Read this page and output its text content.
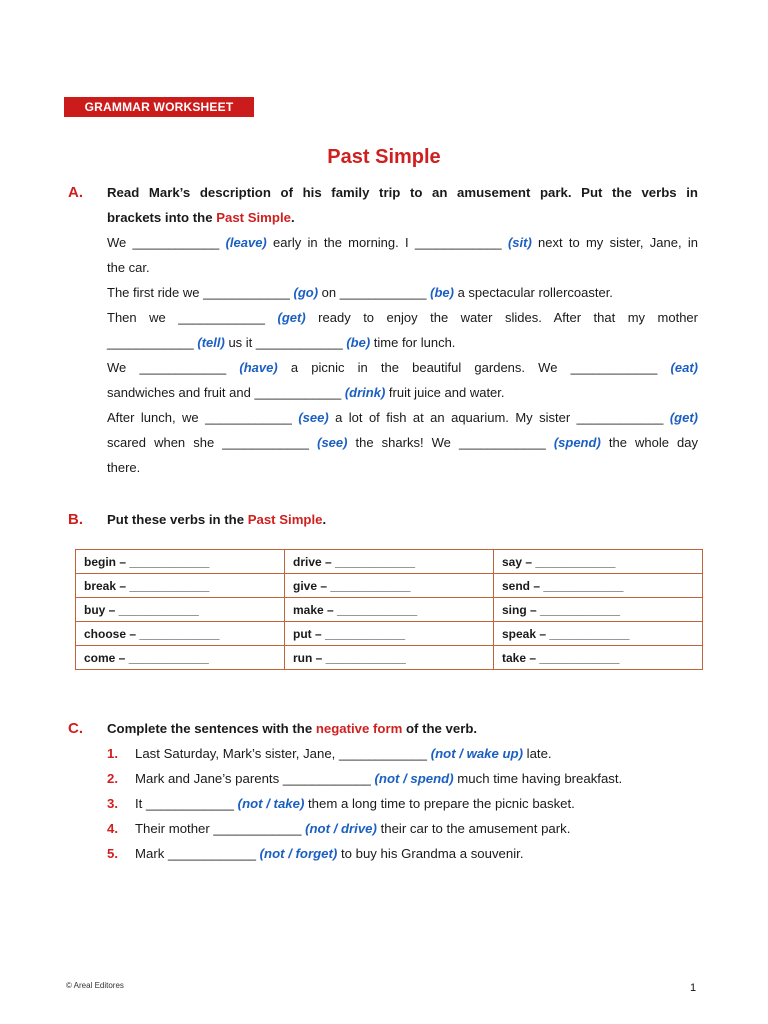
GRAMMAR WORKSHEET
Past Simple
A. Read Mark’s description of his family trip to an amusement park. Put the verbs in
brackets into the Past Simple.
We ____________ (leave) early in the morning. I ____________ (sit) next to my sister, Jane, in
the car.
The first ride we ____________ (go) on ____________ (be) a spectacular rollercoaster.
Then we ____________ (get) ready to enjoy the water slides. After that my mother
____________ (tell) us it ____________ (be) time for lunch.
We ____________ (have) a picnic in the beautiful gardens. We ____________ (eat)
sandwiches and fruit and ____________ (drink) fruit juice and water.
After lunch, we ____________ (see) a lot of fish at an aquarium. My sister ____________ (get)
scared when she ____________ (see) the sharks! We ____________ (spend) the whole day
there.
B. Put these verbs in the Past Simple.
begin – ____________	drive – ____________	say – ____________
break – ____________	give – ____________	send – ____________
buy – ____________	make – ____________	sing – ____________
choose – ____________	put – ____________	speak – ____________
come – ____________	run – ____________	take – ____________
C. Complete the sentences with the negative form of the verb.
1. Last Saturday, Mark’s sister, Jane, ____________ (not / wake up) late.
2. Mark and Jane’s parents ____________ (not / spend) much time having breakfast.
3. It ____________ (not / take) them a long time to prepare the picnic basket.
4. Their mother ____________ (not / drive) their car to the amusement park.
5. Mark ____________ (not / forget) to buy his Grandma a souvenir.
© Areal Editores	1
